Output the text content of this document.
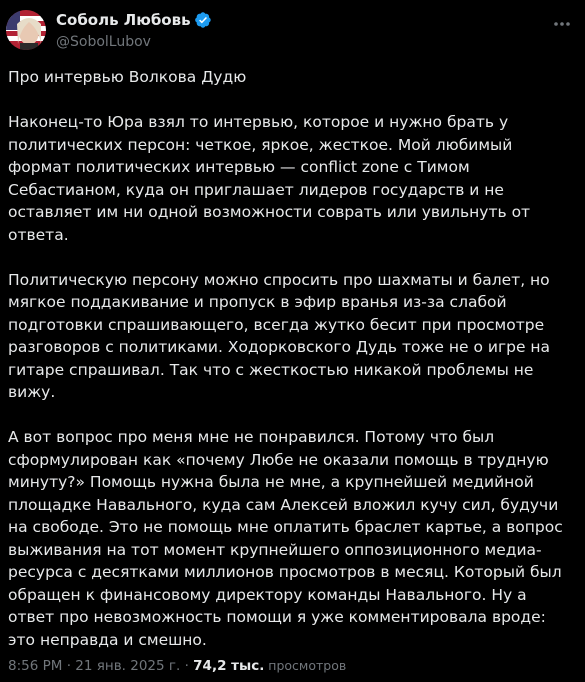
Соболь Любовь
@SobolLubov

Про интервью Волкова Дудю

Наконец-то Юра взял то интервью, которое и нужно брать у политических персон: четкое, яркое, жесткое. Мой любимый формат политических интервью — conflict zone с Тимом Себастианом, куда он приглашает лидеров государств и не оставляет им ни одной возможности соврать или увильнуть от ответа.

Политическую персону можно спросить про шахматы и балет, но мягкое поддакивание и пропуск в эфир вранья из-за слабой подготовки спрашивающего, всегда жутко бесит при просмотре разговоров с политиками. Ходорковского Дудь тоже не о игре на гитаре спрашивал. Так что с жесткостью никакой проблемы не вижу.

А вот вопрос про меня мне не понравился. Потому что был сформулирован как «почему Любе не оказали помощь в трудную минуту?» Помощь нужна была не мне, а крупнейшей медийной площадке Навального, куда сам Алексей вложил кучу сил, будучи на свободе. Это не помощь мне оплатить браслет картье, а вопрос выживания на тот момент крупнейшего оппозиционного медиа-ресурса с десятками миллионов просмотров в месяц. Который был обращен к финансовому директору команды Навального. Ну а ответ про невозможность помощи я уже комментировала вроде: это неправда и смешно.

8:56 PM · 21 янв. 2025 г. · 74,2 тыс. просмотров
